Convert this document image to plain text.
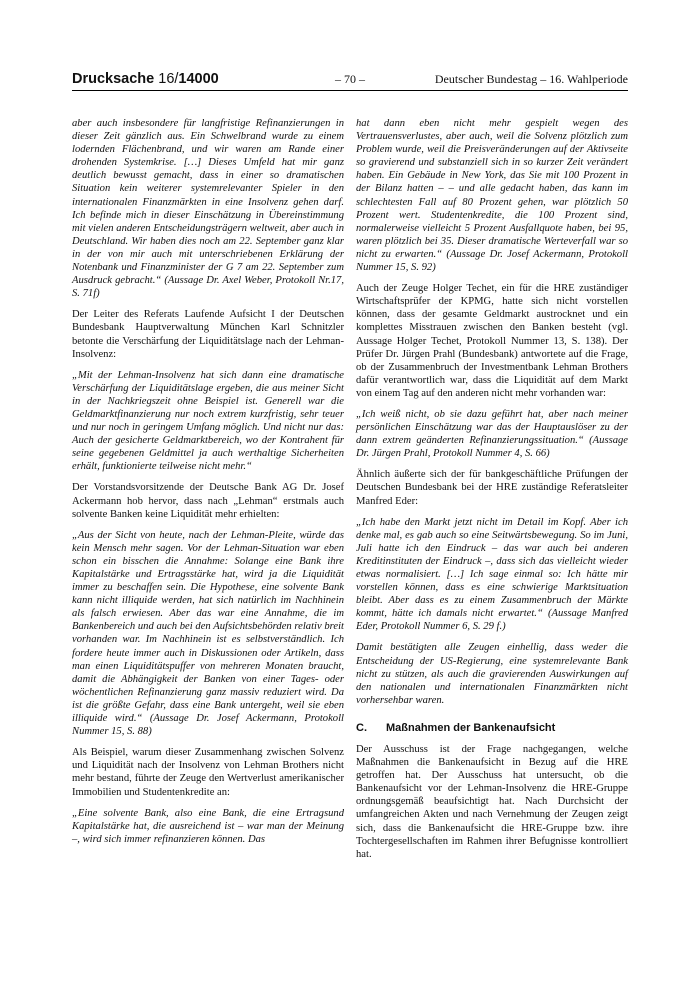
Drucksache 16/14000	– 70 –	Deutscher Bundestag – 16. Wahlperiode

aber auch insbesondere für langfristige Refinanzierungen in dieser Zeit gänzlich aus. Ein Schwelbrand wurde zu einem lodernden Flächenbrand, und wir waren am Rande einer drohenden Systemkrise. […] Dieses Umfeld hat mir ganz deutlich bewusst gemacht, dass in einer so dramatischen Situation kein weiterer systemrelevanter Spieler in den internationalen Finanzmärkten in eine Insolvenz gehen darf. Ich befinde mich in dieser Einschätzung in Übereinstimmung mit vielen anderen Entscheidungsträgern weltweit, aber auch in Deutschland. Wir haben dies noch am 22. September ganz klar in der von mir auch mit unterschriebenen Erklärung der Notenbank und Finanzminister der G 7 am 22. September zum Ausdruck gebracht.“ (Aussage Dr. Axel Weber, Protokoll Nr.17, S. 71f)

Der Leiter des Referats Laufende Aufsicht I der Deutschen Bundesbank Hauptverwaltung München Karl Schnitzler betonte die Verschärfung der Liquiditätslage nach der Lehman-Insolvenz:

„Mit der Lehman-Insolvenz hat sich dann eine dramatische Verschärfung der Liquiditätslage ergeben, die aus meiner Sicht in der Nachkriegszeit ohne Beispiel ist. Generell war die Geldmarktfinanzierung nur noch extrem kurzfristig, sehr teuer und nur noch in geringem Umfang möglich. Und nicht nur das: Auch der gesicherte Geldmarktbereich, wo der Kontrahent für seine gegebenen Geldmittel ja auch werthaltige Sicherheiten erhält, funktionierte teilweise nicht mehr.“

Der Vorstandsvorsitzende der Deutsche Bank AG Dr. Josef Ackermann hob hervor, dass nach „Lehman“ erstmals auch solvente Banken keine Liquidität mehr erhielten:

„Aus der Sicht von heute, nach der Lehman-Pleite, würde das kein Mensch mehr sagen. Vor der Lehman-Situation war eben schon ein bisschen die Annahme: Solange eine Bank ihre Kapitalstärke und Ertragsstärke hat, wird ja die Liquidität immer zu beschaffen sein. Die Hypothese, eine solvente Bank kann nicht illiquide werden, hat sich natürlich im Nachhinein als falsch erwiesen. Aber das war eine Annahme, die im Bankenbereich und auch bei den Aufsichtsbehörden relativ breit vorhanden war. Im Nachhinein ist es selbstverständlich. Ich fordere heute immer auch in Diskussionen oder Artikeln, dass man einen Liquiditätspuffer von mehreren Monaten braucht, damit die Abhängigkeit der Banken von einer Tages- oder wöchentlichen Refinanzierung ganz massiv reduziert wird. Da ist die größte Gefahr, dass eine Bank untergeht, weil sie eben illiquide wird.“ (Aussage Dr. Josef Ackermann, Protokoll Nummer 15, S. 88)

Als Beispiel, warum dieser Zusammenhang zwischen Solvenz und Liquidität nach der Insolvenz von Lehman Brothers nicht mehr bestand, führte der Zeuge den Wertverlust amerikanischer Immobilien und Studentenkredite an:

„Eine solvente Bank, also eine Bank, die eine Ertragsund Kapitalstärke hat, die ausreichend ist – war man der Meinung –, wird sich immer refinanzieren können. Das

hat dann eben nicht mehr gespielt wegen des Vertrauensverlustes, aber auch, weil die Solvenz plötzlich zum Problem wurde, weil die Preisveränderungen auf der Aktivseite so gravierend und substanziell sich in so kurzer Zeit verändert haben. Ein Gebäude in New York, das Sie mit 100 Prozent in der Bilanz hatten – – und alle gedacht haben, das kann im schlechtesten Fall auf 80 Prozent gehen, war plötzlich 50 Prozent wert. Studentenkredite, die 100 Prozent sind, normalerweise vielleicht 5 Prozent Ausfallquote haben, bei 95, waren plötzlich bei 35. Dieser dramatische Werteverfall war so nicht zu erwarten.“ (Aussage Dr. Josef Ackermann, Protokoll Nummer 15, S. 92)

Auch der Zeuge Holger Techet, ein für die HRE zuständiger Wirtschaftsprüfer der KPMG, hatte sich nicht vorstellen können, dass der gesamte Geldmarkt austrocknet und ein komplettes Misstrauen zwischen den Banken besteht (vgl. Aussage Holger Techet, Protokoll Nummer 13, S. 138). Der Prüfer Dr. Jürgen Prahl (Bundesbank) antwortete auf die Frage, ob der Zusammenbruch der Investmentbank Lehman Brothers dafür verantwortlich war, dass die Liquidität auf dem Markt von einem Tag auf den anderen nicht mehr vorhanden war:

„Ich weiß nicht, ob sie dazu geführt hat, aber nach meiner persönlichen Einschätzung war das der Hauptauslöser zu der dann extrem geänderten Refinanzierungssituation.“ (Aussage Dr. Jürgen Prahl, Protokoll Nummer 4, S. 66)

Ähnlich äußerte sich der für bankgeschäftliche Prüfungen der Deutschen Bundesbank bei der HRE zuständige Referatsleiter Manfred Eder:

„Ich habe den Markt jetzt nicht im Detail im Kopf. Aber ich denke mal, es gab auch so eine Seitwärtsbewegung. So im Juni, Juli hatte ich den Eindruck – das war auch bei anderen Kreditinstituten der Eindruck –, dass sich das vielleicht wieder etwas normalisiert. […] Ich sage einmal so: Ich hätte mir vorstellen können, dass es eine schwierige Marktsituation bleibt. Aber dass es zu einem Zusammenbruch der Märkte kommt, hätte ich damals nicht erwartet.“ (Aussage Manfred Eder, Protokoll Nummer 6, S. 29 f.)

Damit bestätigten alle Zeugen einhellig, dass weder die Entscheidung der US-Regierung, eine systemrelevante Bank nicht zu stützen, als auch die gravierenden Auswirkungen auf den nationalen und internationalen Finanzmärkten nicht vorhersehbar waren.

C.	Maßnahmen der Bankenaufsicht

Der Ausschuss ist der Frage nachgegangen, welche Maßnahmen die Bankenaufsicht in Bezug auf die HRE getroffen hat. Der Ausschuss hat untersucht, ob die Bankenaufsicht vor der Lehman-Insolvenz die HRE-Gruppe ordnungsgemäß beaufsichtigt hat. Nach Durchsicht der umfangreichen Akten und nach Vernehmung der Zeugen zeigt sich, dass die Bankenaufsicht die HRE-Gruppe bzw. ihre Tochtergesellschaften im Rahmen ihrer Befugnisse kontrolliert hat.
